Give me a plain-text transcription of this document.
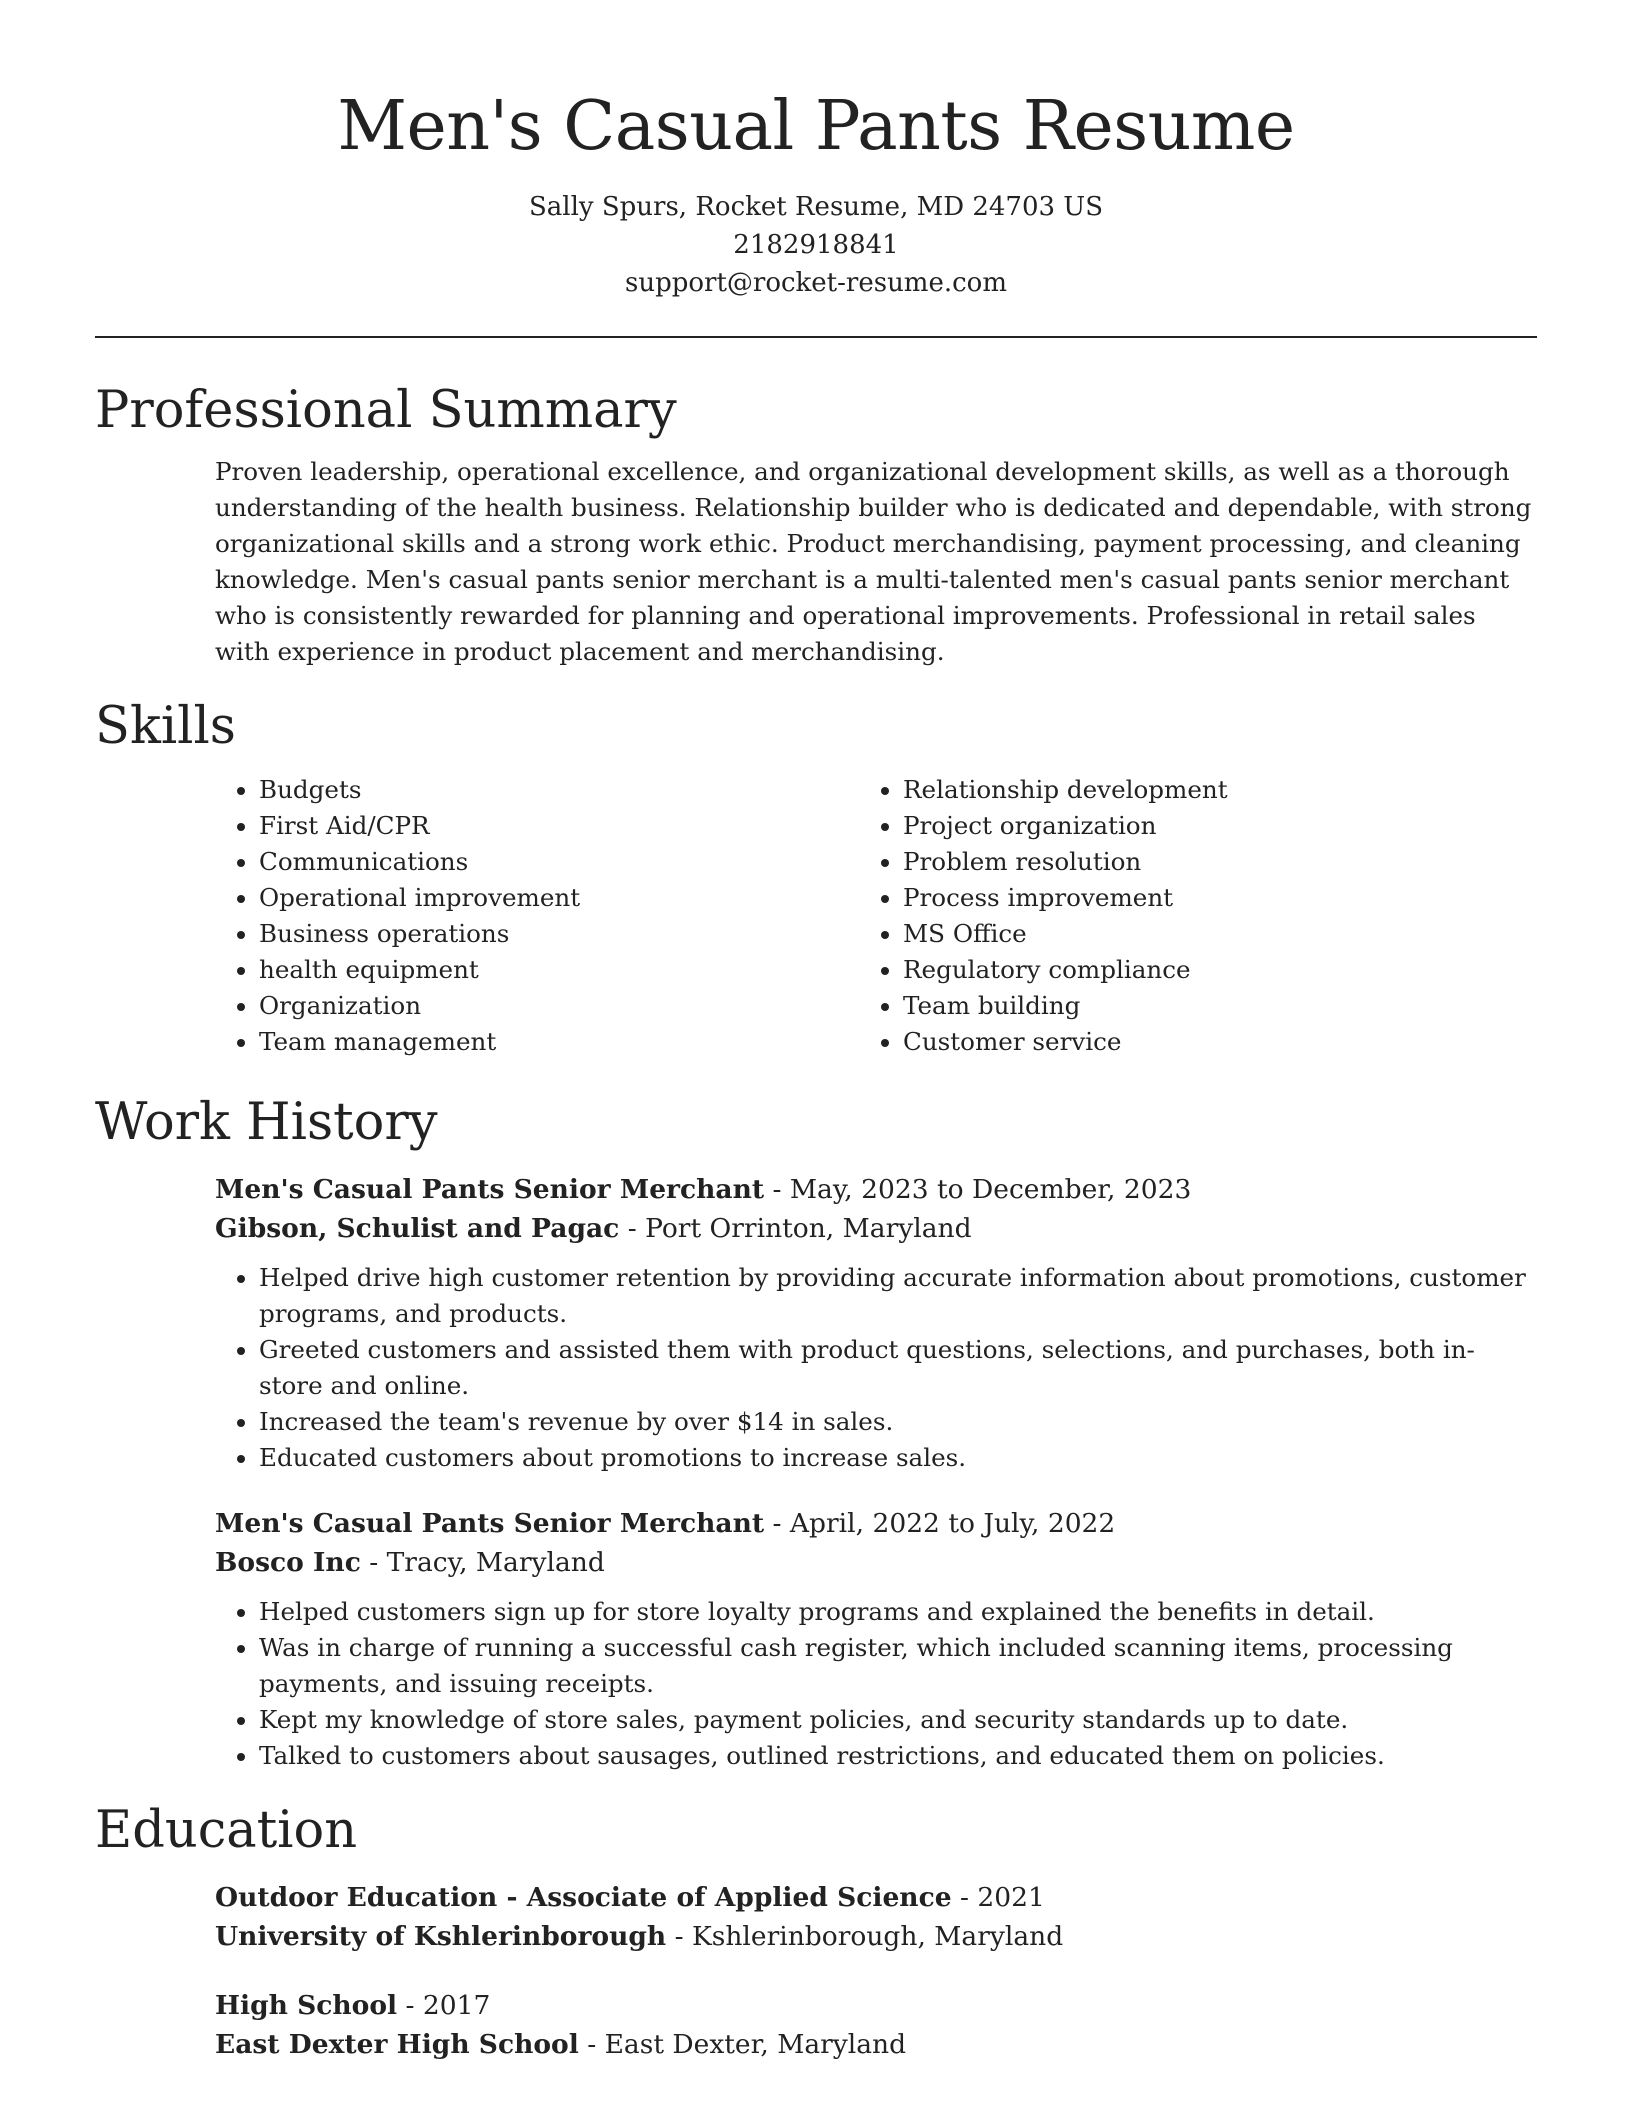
Men's Casual Pants Resume

Sally Spurs, Rocket Resume, MD 24703 US

2182918841

support@rocket-resume.com

Professional Summary

Proven leadership, operational excellence, and organizational development skills, as well as a thorough understanding of the health business. Relationship builder who is dedicated and dependable, with strong organizational skills and a strong work ethic. Product merchandising, payment processing, and cleaning knowledge. Men's casual pants senior merchant is a multi-talented men's casual pants senior merchant who is consistently rewarded for planning and operational improvements. Professional in retail sales with experience in product placement and merchandising.

Skills
• Budgets
• First Aid/CPR
• Communications
• Operational improvement
• Business operations
• health equipment
• Organization
• Team management
• Relationship development
• Project organization
• Problem resolution
• Process improvement
• MS Office
• Regulatory compliance
• Team building
• Customer service
Work History

Men's Casual Pants Senior Merchant - May, 2023 to December, 2023

Gibson, Schulist and Pagac - Port Orrinton, Maryland

• Helped drive high customer retention by providing accurate information about promotions, customer programs, and products.
• Greeted customers and assisted them with product questions, selections, and purchases, both in-store and online.
• Increased the team's revenue by over $14 in sales.
• Educated customers about promotions to increase sales.

Men's Casual Pants Senior Merchant - April, 2022 to July, 2022

Bosco Inc - Tracy, Maryland

• Helped customers sign up for store loyalty programs and explained the benefits in detail.
• Was in charge of running a successful cash register, which included scanning items, processing payments, and issuing receipts.
• Kept my knowledge of store sales, payment policies, and security standards up to date.
• Talked to customers about sausages, outlined restrictions, and educated them on policies.
Education

Outdoor Education - Associate of Applied Science - 2021

University of Kshlerinborough - Kshlerinborough, Maryland

High School - 2017

East Dexter High School - East Dexter, Maryland
